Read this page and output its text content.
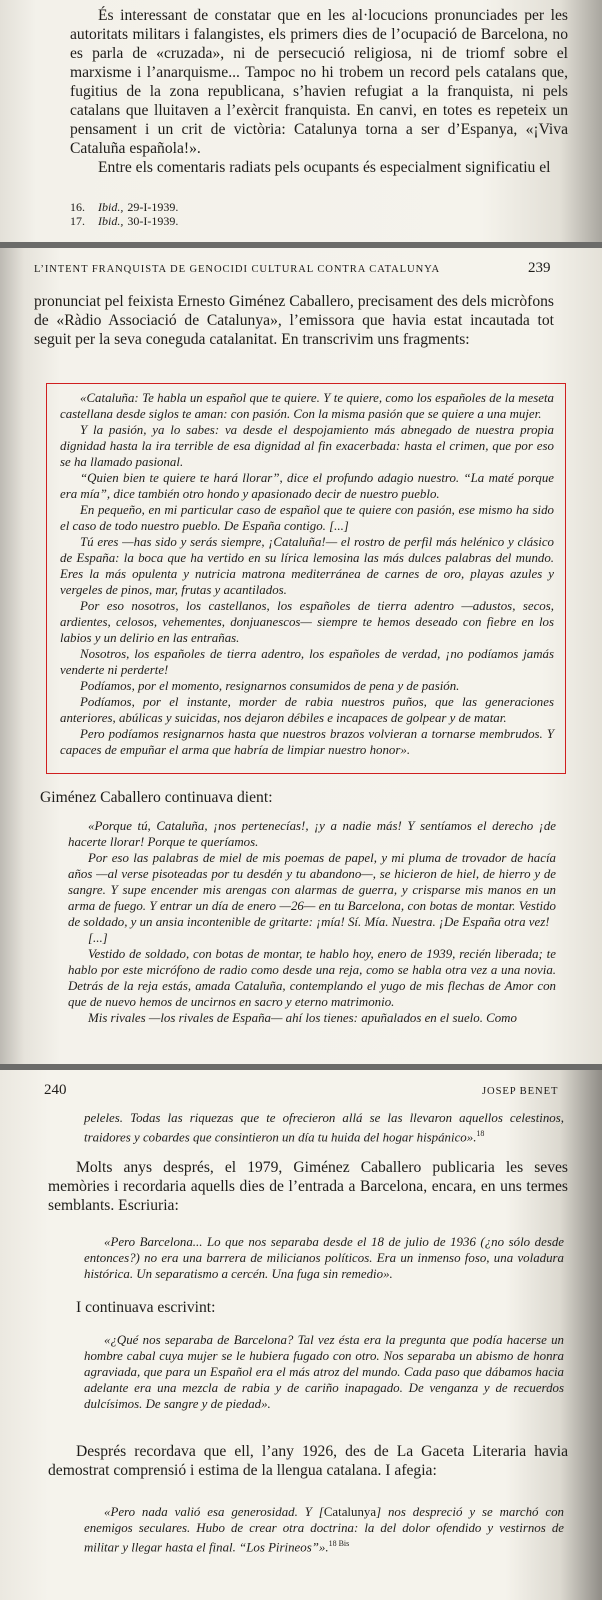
És interessant de constatar que en les al·locucions pronunciades per les autoritats militars i falangistes, els primers dies de l’ocupació de Barcelona, no es parla de «cruzada», ni de persecució religiosa, ni de triomf sobre el marxisme i l’anarquisme... Tampoc no hi trobem un record pels catalans que, fugitius de la zona republicana, s’havien refugiat a la franquista, ni pels catalans que lluitaven a l’exèrcit franquista. En canvi, en totes es repeteix un pensament i un crit de victòria: Catalunya torna a ser d’Espanya, «¡Viva Cataluña española!».

Entre els comentaris radiats pels ocupants és especialment significatiu el

16.	Ibid., 29-I-1939.
17.	Ibid., 30-I-1939.
L’INTENT FRANQUISTA DE GENOCIDI CULTURAL CONTRA CATALUNYA	239

pronunciat pel feixista Ernesto Giménez Caballero, precisament des dels micròfons de «Ràdio Associació de Catalunya», l’emissora que havia estat incautada tot seguit per la seva coneguda catalanitat. En transcrivim uns fragments:

«Cataluña: Te habla un español que te quiere. Y te quiere, como los españoles de la meseta castellana desde siglos te aman: con pasión. Con la misma pasión que se quiere a una mujer.

Y la pasión, ya lo sabes: va desde el despojamiento más abnegado de nuestra propia dignidad hasta la ira terrible de esa dignidad al fin exacerbada: hasta el crimen, que por eso se ha llamado pasional.

“Quien bien te quiere te hará llorar”, dice el profundo adagio nuestro. “La maté porque era mía”, dice también otro hondo y apasionado decir de nuestro pueblo.

En pequeño, en mi particular caso de español que te quiere con pasión, ese mismo ha sido el caso de todo nuestro pueblo. De España contigo. [...]

Tú eres —has sido y serás siempre, ¡Cataluña!— el rostro de perfil más helénico y clásico de España: la boca que ha vertido en su lírica lemosina las más dulces palabras del mundo. Eres la más opulenta y nutricia matrona mediterránea de carnes de oro, playas azules y vergeles de pinos, mar, frutas y acantilados.

Por eso nosotros, los castellanos, los españoles de tierra adentro —adustos, secos, ardientes, celosos, vehementes, donjuanescos— siempre te hemos deseado con fiebre en los labios y un delirio en las entrañas.

Nosotros, los españoles de tierra adentro, los españoles de verdad, ¡no podíamos jamás venderte ni perderte!

Podíamos, por el momento, resignarnos consumidos de pena y de pasión.

Podíamos, por el instante, morder de rabia nuestros puños, que las generaciones anteriores, abúlicas y suicidas, nos dejaron débiles e incapaces de golpear y de matar.

Pero podíamos resignarnos hasta que nuestros brazos volvieran a tornarse membrudos. Y capaces de empuñar el arma que habría de limpiar nuestro honor».

Giménez Caballero continuava dient:

«Porque tú, Cataluña, ¡nos pertenecías!, ¡y a nadie más! Y sentíamos el derecho ¡de hacerte llorar! Porque te queríamos.

Por eso las palabras de miel de mis poemas de papel, y mi pluma de trovador de hacía años —al verse pisoteadas por tu desdén y tu abandono—, se hicieron de hiel, de hierro y de sangre. Y supe encender mis arengas con alarmas de guerra, y crisparse mis manos en un arma de fuego. Y entrar un día de enero —26— en tu Barcelona, con botas de montar. Vestido de soldado, y un ansia incontenible de gritarte: ¡mía! Sí. Mía. Nuestra. ¡De España otra vez!

[...]

Vestido de soldado, con botas de montar, te hablo hoy, enero de 1939, recién liberada; te hablo por este micrófono de radio como desde una reja, como se habla otra vez a una novia. Detrás de la reja estás, amada Cataluña, contemplando el yugo de mis flechas de Amor con que de nuevo hemos de uncirnos en sacro y eterno matrimonio.

Mis rivales —los rivales de España— ahí los tienes: apuñalados en el suelo. Como

240	JOSEP BENET

peleles. Todas las riquezas que te ofrecieron allá se las llevaron aquellos celestinos, traidores y cobardes que consintieron un día tu huida del hogar hispánico».$^{18}$

Molts anys després, el 1979, Giménez Caballero publicaria les seves memòries i recordaria aquells dies de l’entrada a Barcelona, encara, en uns termes semblants. Escriuria:

«Pero Barcelona... Lo que nos separaba desde el 18 de julio de 1936 (¿no sólo desde entonces?) no era una barrera de milicianos políticos. Era un inmenso foso, una voladura histórica. Un separatismo a cercén. Una fuga sin remedio».

I continuava escrivint:

«¿Qué nos separaba de Barcelona? Tal vez ésta era la pregunta que podía hacerse un hombre cabal cuya mujer se le hubiera fugado con otro. Nos separaba un abismo de honra agraviada, que para un Español era el más atroz del mundo. Cada paso que dábamos hacia adelante era una mezcla de rabia y de cariño inapagado. De venganza y de recuerdos dulcísimos. De sangre y de piedad».

Després recordava que ell, l’any 1926, des de La Gaceta Literaria havia demostrat comprensió i estima de la llengua catalana. I afegia:

«Pero nada valió esa generosidad. Y [Catalunya] nos despreció y se marchó con enemigos seculares. Hubo de crear otra doctrina: la del dolor ofendido y vestirnos de militar y llegar hasta el final. “Los Pirineos”».$^{18 Bis}$
